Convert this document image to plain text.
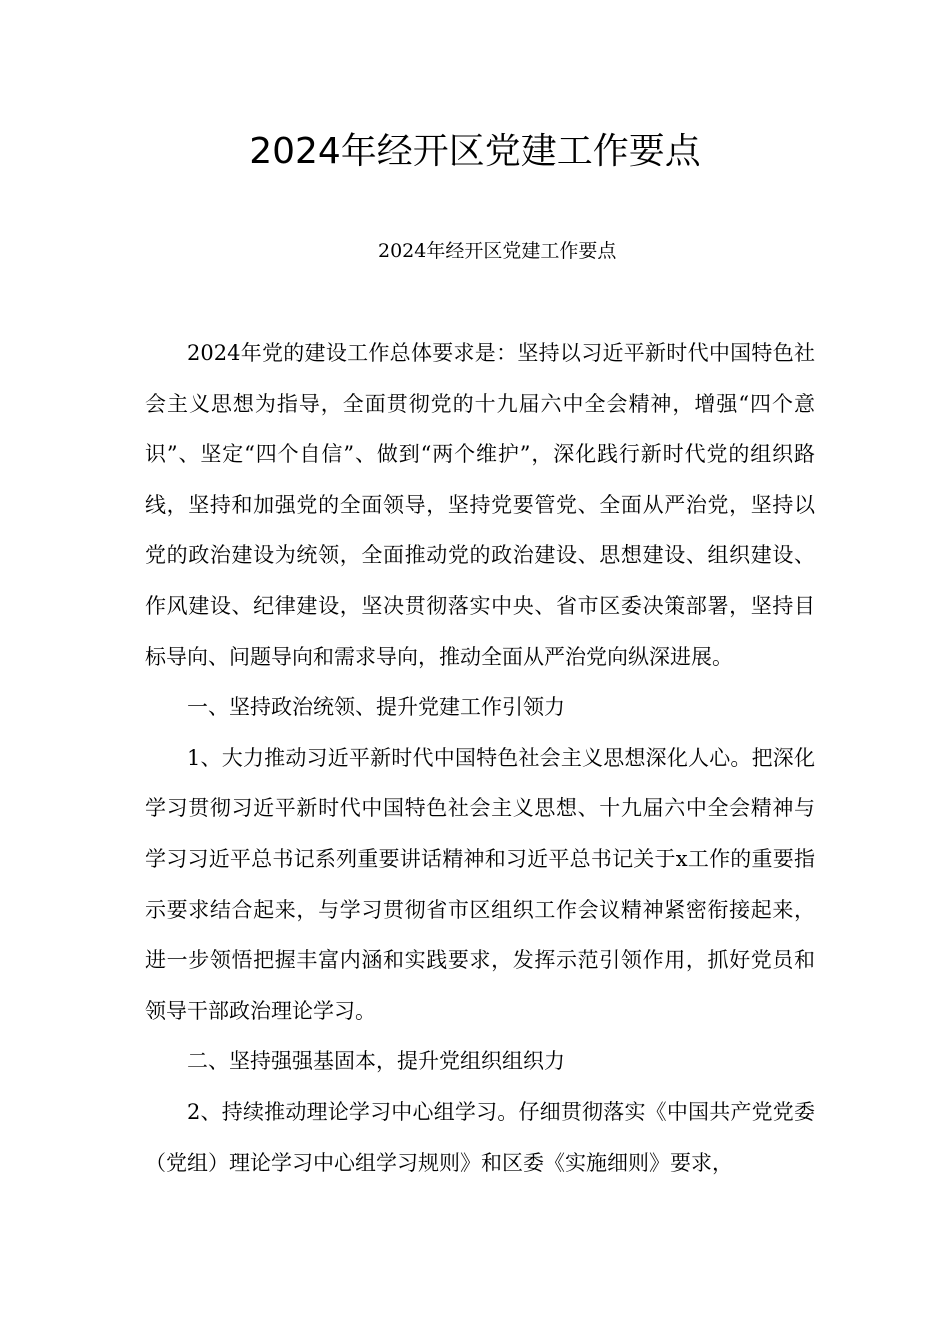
2024年经开区党建工作要点
2024年经开区党建工作要点

2024年党的建设工作总体要求是：坚持以习近平新时代中国特色社会主义思想为指导，全面贯彻党的十九届六中全会精神，增强“四个意识”、坚定“四个自信”、做到“两个维护”，深化践行新时代党的组织路线，坚持和加强党的全面领导，坚持党要管党、全面从严治党，坚持以党的政治建设为统领，全面推动党的政治建设、思想建设、组织建设、作风建设、纪律建设，坚决贯彻落实中央、省市区委决策部署，坚持目标导向、问题导向和需求导向，推动全面从严治党向纵深进展。

一、坚持政治统领、提升党建工作引领力

1、大力推动习近平新时代中国特色社会主义思想深化人心。把深化学习贯彻习近平新时代中国特色社会主义思想、十九届六中全会精神与学习习近平总书记系列重要讲话精神和习近平总书记关于x工作的重要指示要求结合起来，与学习贯彻省市区组织工作会议精神紧密衔接起来，进一步领悟把握丰富内涵和实践要求，发挥示范引领作用，抓好党员和领导干部政治理论学习。

二、坚持强强基固本，提升党组织组织力

2、持续推动理论学习中心组学习。仔细贯彻落实《中国共产党党委（党组）理论学习中心组学习规则》和区委《实施细则》要求，
